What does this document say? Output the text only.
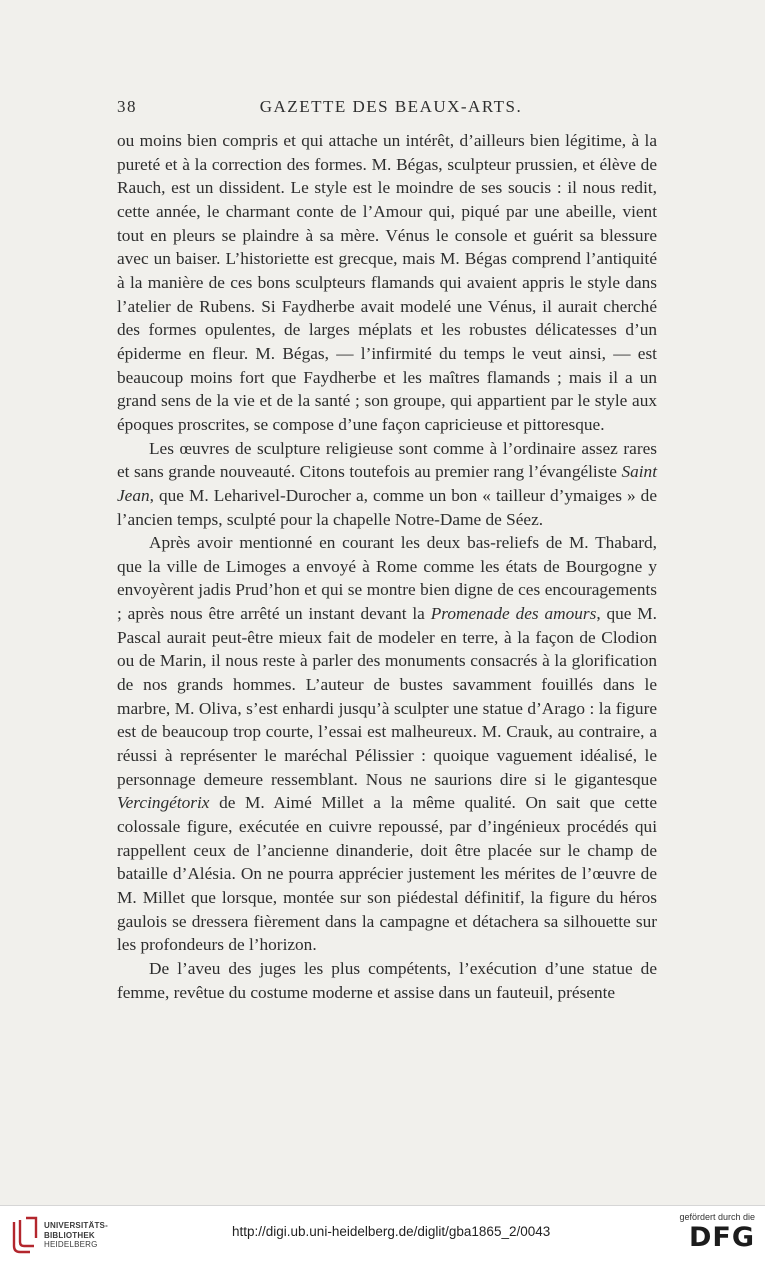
38	GAZETTE DES BEAUX-ARTS.

ou moins bien compris et qui attache un intérêt, d’ailleurs bien légitime, à la pureté et à la correction des formes. M. Bégas, sculpteur prussien, et élève de Rauch, est un dissident. Le style est le moindre de ses soucis : il nous redit, cette année, le charmant conte de l’Amour qui, piqué par une abeille, vient tout en pleurs se plaindre à sa mère. Vénus le console et guérit sa blessure avec un baiser. L’historiette est grecque, mais M. Bégas comprend l’antiquité à la manière de ces bons sculpteurs flamands qui avaient appris le style dans l’atelier de Rubens. Si Faydherbe avait modelé une Vénus, il aurait cherché des formes opulentes, de larges méplats et les robustes délicatesses d’un épiderme en fleur. M. Bégas, — l’infirmité du temps le veut ainsi, — est beaucoup moins fort que Faydherbe et les maîtres flamands ; mais il a un grand sens de la vie et de la santé ; son groupe, qui appartient par le style aux époques proscrites, se compose d’une façon capricieuse et pittoresque.

Les œuvres de sculpture religieuse sont comme à l’ordinaire assez rares et sans grande nouveauté. Citons toutefois au premier rang l’évangéliste Saint Jean, que M. Leharivel-Durocher a, comme un bon « tailleur d’ymaiges » de l’ancien temps, sculpté pour la chapelle Notre-Dame de Séez.

Après avoir mentionné en courant les deux bas-reliefs de M. Thabard, que la ville de Limoges a envoyé à Rome comme les états de Bourgogne y envoyèrent jadis Prud’hon et qui se montre bien digne de ces encouragements ; après nous être arrêté un instant devant la Promenade des amours, que M. Pascal aurait peut-être mieux fait de modeler en terre, à la façon de Clodion ou de Marin, il nous reste à parler des monuments consacrés à la glorification de nos grands hommes. L’auteur de bustes savamment fouillés dans le marbre, M. Oliva, s’est enhardi jusqu’à sculpter une statue d’Arago : la figure est de beaucoup trop courte, l’essai est malheureux. M. Crauk, au contraire, a réussi à représenter le maréchal Pélissier : quoique vaguement idéalisé, le personnage demeure ressemblant. Nous ne saurions dire si le gigantesque Vercingétorix de M. Aimé Millet a la même qualité. On sait que cette colossale figure, exécutée en cuivre repoussé, par d’ingénieux procédés qui rappellent ceux de l’ancienne dinanderie, doit être placée sur le champ de bataille d’Alésia. On ne pourra apprécier justement les mérites de l’œuvre de M. Millet que lorsque, montée sur son piédestal définitif, la figure du héros gaulois se dressera fièrement dans la campagne et détachera sa silhouette sur les profondeurs de l’horizon.

De l’aveu des juges les plus compétents, l’exécution d’une statue de femme, revêtue du costume moderne et assise dans un fauteuil, présente

UNIVERSITÄTS-
BIBLIOTHEK
HEIDELBERG
http://digi.ub.uni-heidelberg.de/diglit/gba1865_2/0043
gefördert durch die
DFG
